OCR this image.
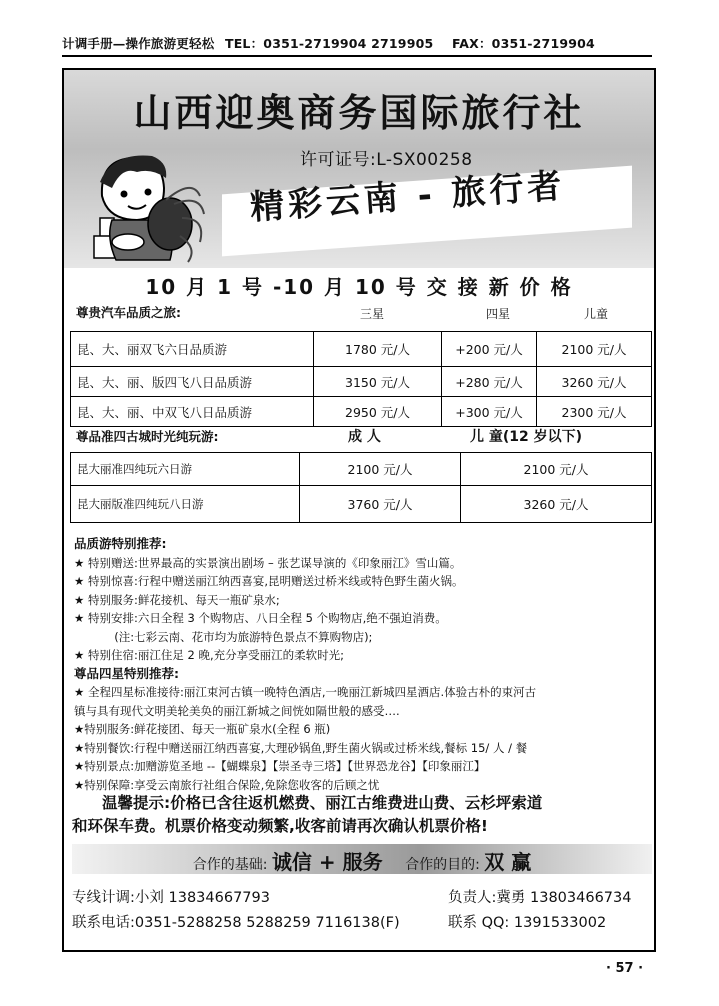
计调手册—操作旅游更轻松 TEL：0351-2719904 2719905 FAX：0351-2719904
山西迎奥商务国际旅行社
许可证号:L-SX00258
精彩云南 - 旅行者
10 月 1 号 -10 月 10 号 交 接 新 价 格
尊贵汽车品质之旅:	三星	四星	儿童
昆、大、丽双飞六日品质游	1780 元/人	+200 元/人	2100 元/人
昆、大、丽、版四飞八日品质游	3150 元/人	+280 元/人	3260 元/人
昆、大、丽、中双飞八日品质游	2950 元/人	+300 元/人	2300 元/人
尊品准四古城时光纯玩游:	成 人	儿 童(12 岁以下)
昆大丽准四纯玩六日游	2100 元/人	2100 元/人
昆大丽版准四纯玩八日游	3760 元/人	3260 元/人
品质游特别推荐:
★ 特别赠送:世界最高的实景演出剧场 – 张艺谋导演的《印象丽江》雪山篇。
★ 特别惊喜:行程中赠送丽江纳西喜宴,昆明赠送过桥米线或特色野生菌火锅。
★ 特别服务:鲜花接机、每天一瓶矿泉水;
★ 特别安排:六日全程 3 个购物店、八日全程 5 个购物店,绝不强迫消费。
(注:七彩云南、花市均为旅游特色景点不算购物店);
★ 特别住宿:丽江住足 2 晚,充分享受丽江的柔软时光;
尊品四星特别推荐:
★ 全程四星标准接待:丽江束河古镇一晚特色酒店,一晚丽江新城四星酒店.体验古朴的束河古
镇与具有现代文明美轮美奂的丽江新城之间恍如隔世般的感受….
★特别服务:鲜花接团、每天一瓶矿泉水(全程 6 瓶)
★特别餐饮:行程中赠送丽江纳西喜宴,大理砂锅鱼,野生菌火锅或过桥米线,餐标 15/ 人 / 餐
★特别景点:加赠游览圣地 --【蝴蝶泉】【崇圣寺三塔】【世界恐龙谷】【印象丽江】
★特别保障:享受云南旅行社组合保险,免除您收客的后顾之忧
温馨提示:价格已含往返机燃费、丽江古维费进山费、云杉坪索道
和环保车费。机票价格变动频繁,收客前请再次确认机票价格!
合作的基础: 诚信 + 服务 合作的目的: 双 赢
专线计调:小刘 13834667793	负责人:冀勇 13803466734
联系电话:0351-5288258 5288259 7116138(F)	联系 QQ: 1391533002
· 57 ·
